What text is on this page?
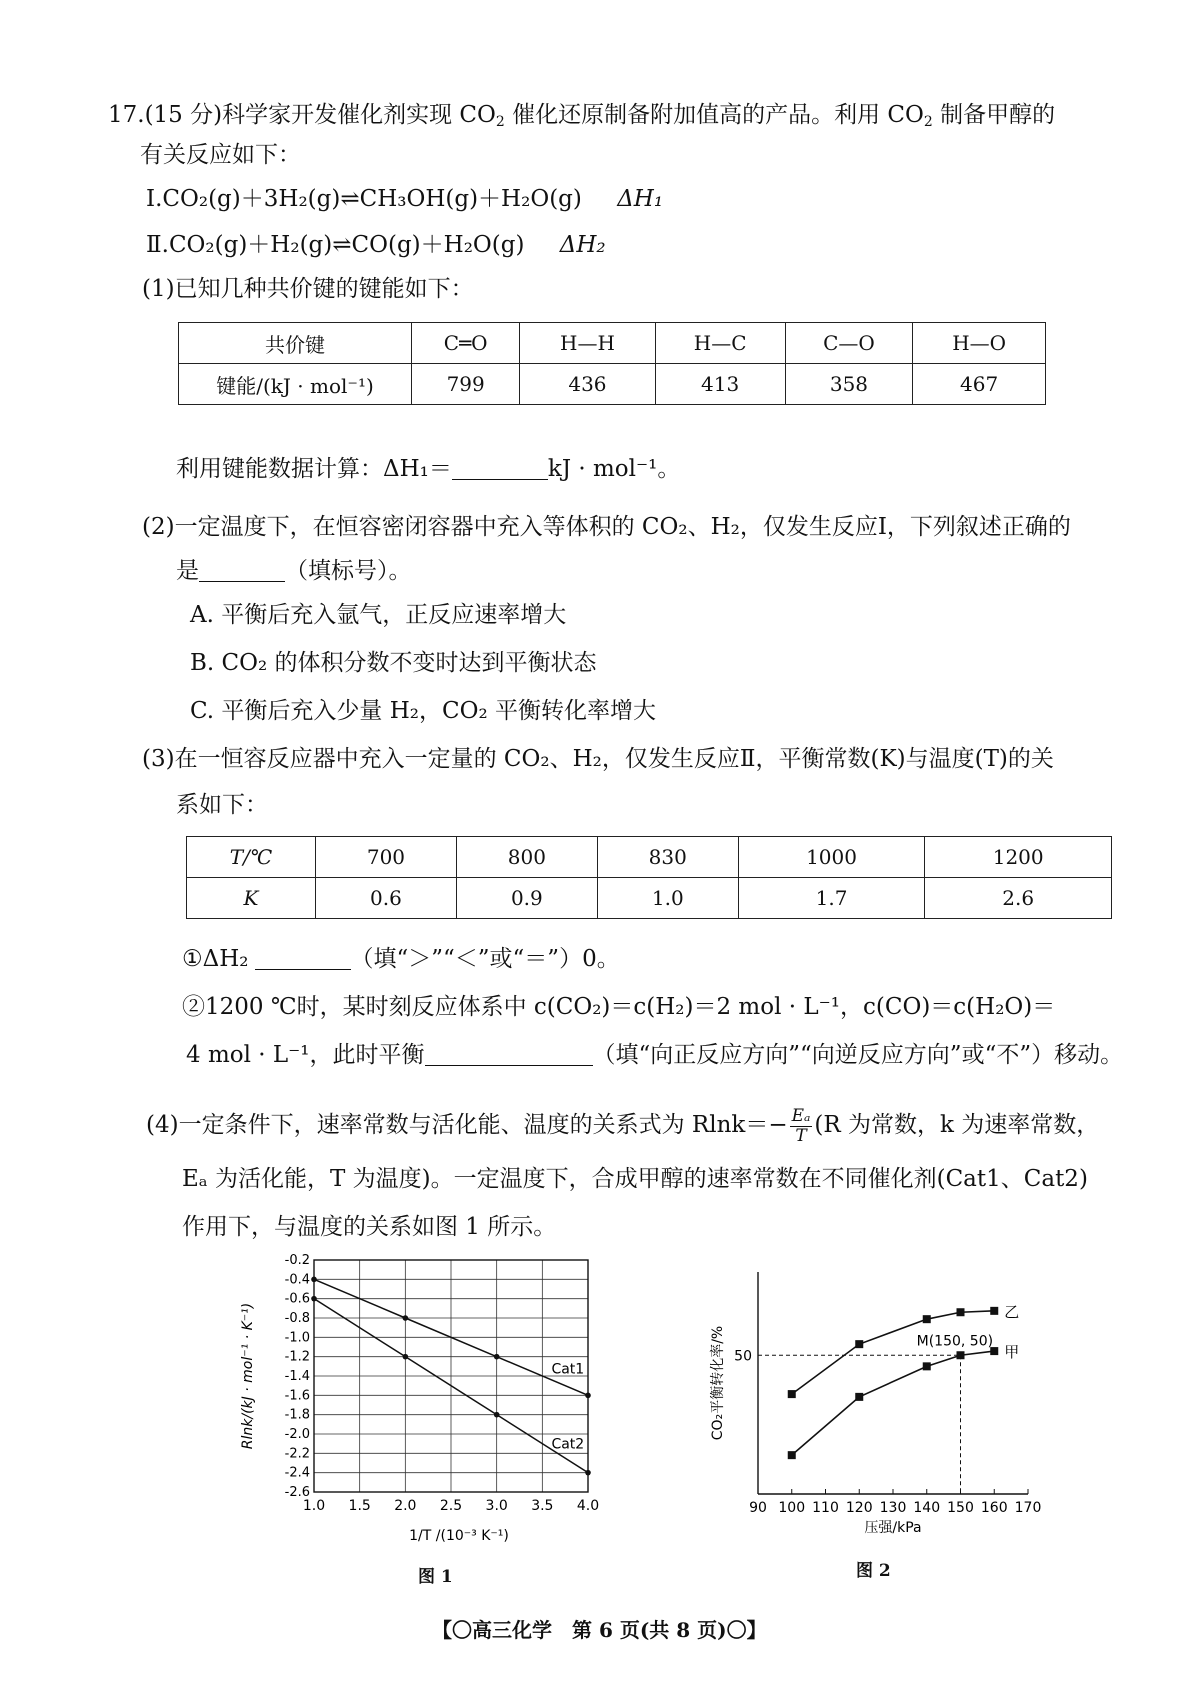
17.(15 分)科学家开发催化剂实现 $CO_2$ 催化还原制备附加值高的产品。利用 $CO_2$ 制备甲醇的
有关反应如下：
Ⅰ.CO₂(g)＋3H₂(g)⇌CH₃OH(g)＋H₂O(g) ΔH₁
Ⅱ.CO₂(g)＋H₂(g)⇌CO(g)＋H₂O(g) ΔH₂
(1)已知几种共价键的键能如下：
共价键	C═O	H—H	H—C	C—O	H—O
键能/(kJ · mol⁻¹)	799	436	413	358	467
利用键能数据计算：ΔH₁＝	kJ · mol⁻¹。
(2)一定温度下，在恒容密闭容器中充入等体积的 CO₂、H₂，仅发生反应Ⅰ，下列叙述正确的
是	（填标号）。
A. 平衡后充入氩气，正反应速率增大
B. CO₂ 的体积分数不变时达到平衡状态
C. 平衡后充入少量 H₂，CO₂ 平衡转化率增大
(3)在一恒容反应器中充入一定量的 CO₂、H₂，仅发生反应Ⅱ，平衡常数(K)与温度(T)的关
系如下：
T/℃	700	800	830	1000	1200
K	0.6	0.9	1.0	1.7	2.6
①ΔH₂	（填“＞”“＜”或“＝”）0。
②1200 ℃时，某时刻反应体系中 c(CO₂)＝c(H₂)＝2 mol · L⁻¹，c(CO)＝c(H₂O)＝
4 mol · L⁻¹，此时平衡	（填“向正反应方向”“向逆反应方向”或“不”）移动。
(4)一定条件下，速率常数与活化能、温度的关系式为 $Rlnk=- \frac{\text{Eₐ}}{T} (R$ 为常数，k 为速率常数，
Eₐ 为活化能，T 为温度)。一定温度下，合成甲醇的速率常数在不同催化剂(Cat1、Cat2)
作用下，与温度的关系如图 1 所示。
-0.2
-0.4
-0.6
-0.8
-1.0
-1.2
-1.4
-1.6
-1.8
-2.0
-2.2
-2.4
-2.6
1.0 1.5 2.0 2.5 3.0 3.5 4.0
Cat1
Cat2
Rlnk/(kJ · mol⁻¹ · K⁻¹)
1/T /(10⁻³ K⁻¹)
图 1
90 100 110 120 130 140 150 160 170
50
乙
甲
M(150, 50)
CO₂平衡转化率/%
压强/kPa
图 2
【〇高三化学　第 6 页(共 8 页)〇】
